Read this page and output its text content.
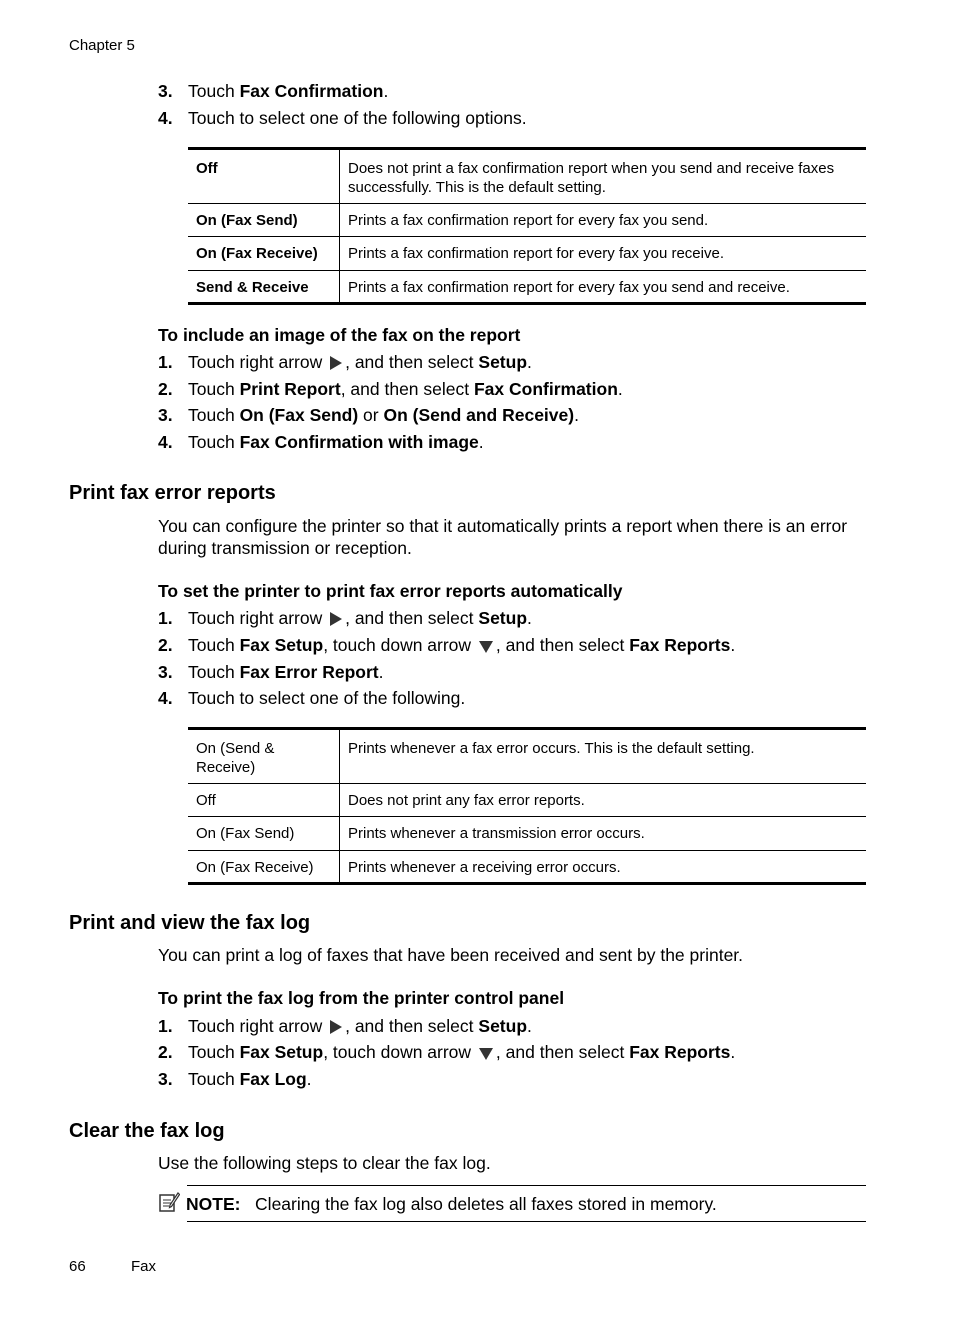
Chapter 5
3. Touch Fax Confirmation.
4. Touch to select one of the following options.
Off	Does not print a fax confirmation report when you send and receive faxes successfully. This is the default setting.
On (Fax Send)	Prints a fax confirmation report for every fax you send.
On (Fax Receive)	Prints a fax confirmation report for every fax you receive.
Send & Receive	Prints a fax confirmation report for every fax you send and receive.
To include an image of the fax on the report
1. Touch right arrow , and then select Setup.
2. Touch Print Report, and then select Fax Confirmation.
3. Touch On (Fax Send) or On (Send and Receive).
4. Touch Fax Confirmation with image.
Print fax error reports
You can configure the printer so that it automatically prints a report when there is an error during transmission or reception.
To set the printer to print fax error reports automatically
1. Touch right arrow , and then select Setup.
2. Touch Fax Setup, touch down arrow , and then select Fax Reports.
3. Touch Fax Error Report.
4. Touch to select one of the following.
On (Send & Receive)	Prints whenever a fax error occurs. This is the default setting.
Off	Does not print any fax error reports.
On (Fax Send)	Prints whenever a transmission error occurs.
On (Fax Receive)	Prints whenever a receiving error occurs.
Print and view the fax log
You can print a log of faxes that have been received and sent by the printer.
To print the fax log from the printer control panel
1. Touch right arrow , and then select Setup.
2. Touch Fax Setup, touch down arrow , and then select Fax Reports.
3. Touch Fax Log.
Clear the fax log
Use the following steps to clear the fax log.
NOTE: Clearing the fax log also deletes all faxes stored in memory.
66	Fax
